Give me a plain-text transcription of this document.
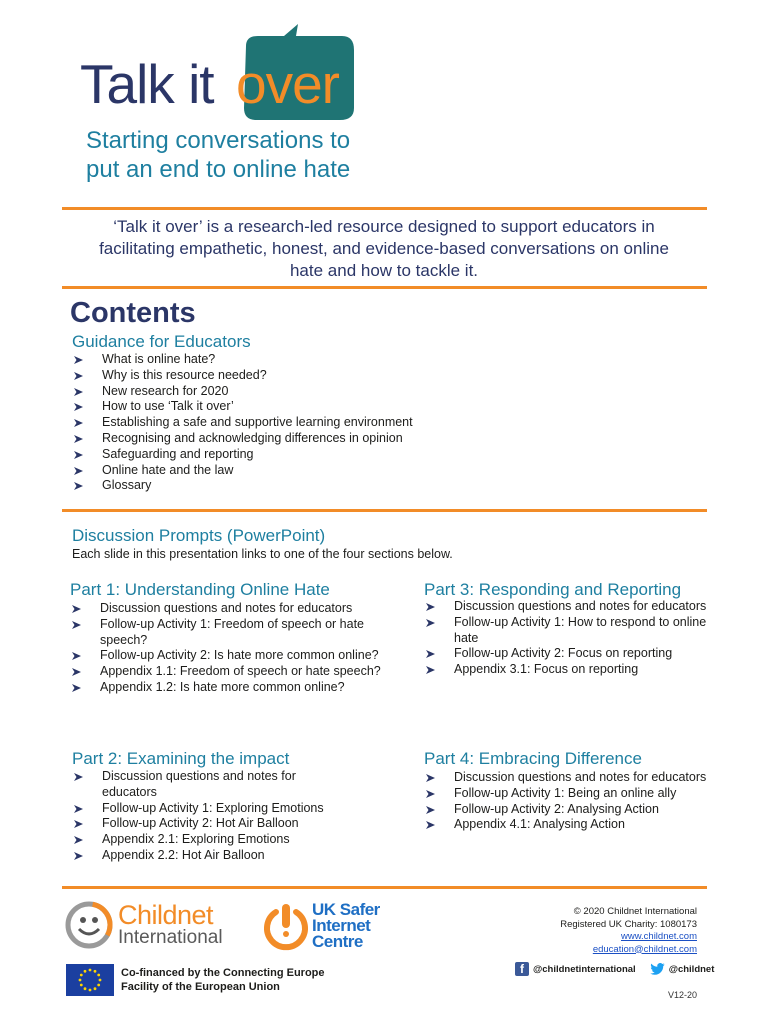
Talk it over
Starting conversations to
put an end to online hate
‘Talk it over’ is a research-led resource designed to support educators in facilitating empathetic, honest, and evidence-based conversations on online hate and how to tackle it.
Contents
Guidance for Educators
What is online hate?
Why is this resource needed?
New research for 2020
How to use ‘Talk it over’
Establishing a safe and supportive learning environment
Recognising and acknowledging differences in opinion
Safeguarding and reporting
Online hate and the law
Glossary
Discussion Prompts (PowerPoint)
Each slide in this presentation links to one of the four sections below.
Part 1: Understanding Online Hate
Discussion questions and notes for educators
Follow-up Activity 1: Freedom of speech or hate speech?
Follow-up Activity 2: Is hate more common online?
Appendix 1.1: Freedom of speech or hate speech?
Appendix 1.2: Is hate more common online?
Part 3: Responding and Reporting
Discussion questions and notes for educators
Follow-up Activity 1: How to respond to online hate
Follow-up Activity 2: Focus on reporting
Appendix 3.1: Focus on reporting
Part 2: Examining the impact
Discussion questions and notes for educators
Follow-up Activity 1: Exploring Emotions
Follow-up Activity 2: Hot Air Balloon
Appendix 2.1: Exploring Emotions
Appendix 2.2: Hot Air Balloon
Part 4: Embracing Difference
Discussion questions and notes for educators
Follow-up Activity 1: Being an online ally
Follow-up Activity 2: Analysing Action
Appendix 4.1: Analysing Action
Childnet
International
UK Safer
Internet
Centre
Co-financed by the Connecting Europe
Facility of the European Union
© 2020 Childnet International
Registered UK Charity: 1080173
www.childnet.com
education@childnet.com
f @childnetinternational	@childnet
V12-20
